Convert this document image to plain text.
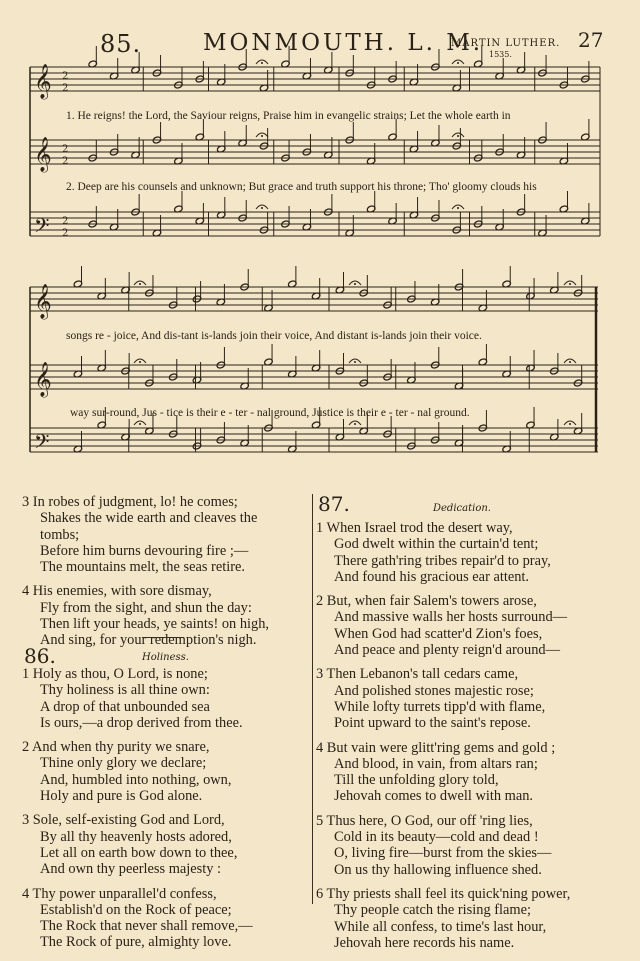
85.	MONMOUTH. L. M.
MARTIN LUTHER.
1535.
27
𝄞 2
2
𝄞 2
2
𝄢 2
2
𝄞
𝄞
𝄢
1. He reigns! the Lord, the Saviour reigns, Praise him in evangelic strains; Let the whole earth in
2. Deep are his counsels and unknown; But grace and truth support his throne; Tho' gloomy clouds his
songs re - joice, And dis-tant is-lands join their voice, And distant is-lands join their voice.
way sur-round, Jus - tice is their e - ter - nal ground, Justice is their e - ter - nal ground.
3 In robes of judgment, lo! he comes;
Shakes the wide earth and cleaves the
tombs;
Before him burns devouring fire ;—
The mountains melt, the seas retire.
4 His enemies, with sore dismay,
Fly from the sight, and shun the day:
Then lift your heads, ye saints! on high,
And sing, for your redemption's nigh.
86.	Holiness.
1 Holy as thou, O Lord, is none;
Thy holiness is all thine own:
A drop of that unbounded sea
Is ours,—a drop derived from thee.
2 And when thy purity we snare,
Thine only glory we declare;
And, humbled into nothing, own,
Holy and pure is God alone.
3 Sole, self-existing God and Lord,
By all thy heavenly hosts adored,
Let all on earth bow down to thee,
And own thy peerless majesty :
4 Thy power unparallel'd confess,
Establish'd on the Rock of peace;
The Rock that never shall remove,—
The Rock of pure, almighty love.
87.	Dedication.
1 When Israel trod the desert way,
God dwelt within the curtain'd tent;
There gath'ring tribes repair'd to pray,
And found his gracious ear attent.
2 But, when fair Salem's towers arose,
And massive walls her hosts surround—
When God had scatter'd Zion's foes,
And peace and plenty reign'd around—
3 Then Lebanon's tall cedars came,
And polished stones majestic rose;
While lofty turrets tipp'd with flame,
Point upward to the saint's repose.
4 But vain were glitt'ring gems and gold ;
And blood, in vain, from altars ran;
Till the unfolding glory told,
Jehovah comes to dwell with man.
5 Thus here, O God, our off 'ring lies,
Cold in its beauty—cold and dead !
O, living fire—burst from the skies—
On us thy hallowing influence shed.
6 Thy priests shall feel its quick'ning power,
Thy people catch the rising flame;
While all confess, to time's last hour,
Jehovah here records his name.
